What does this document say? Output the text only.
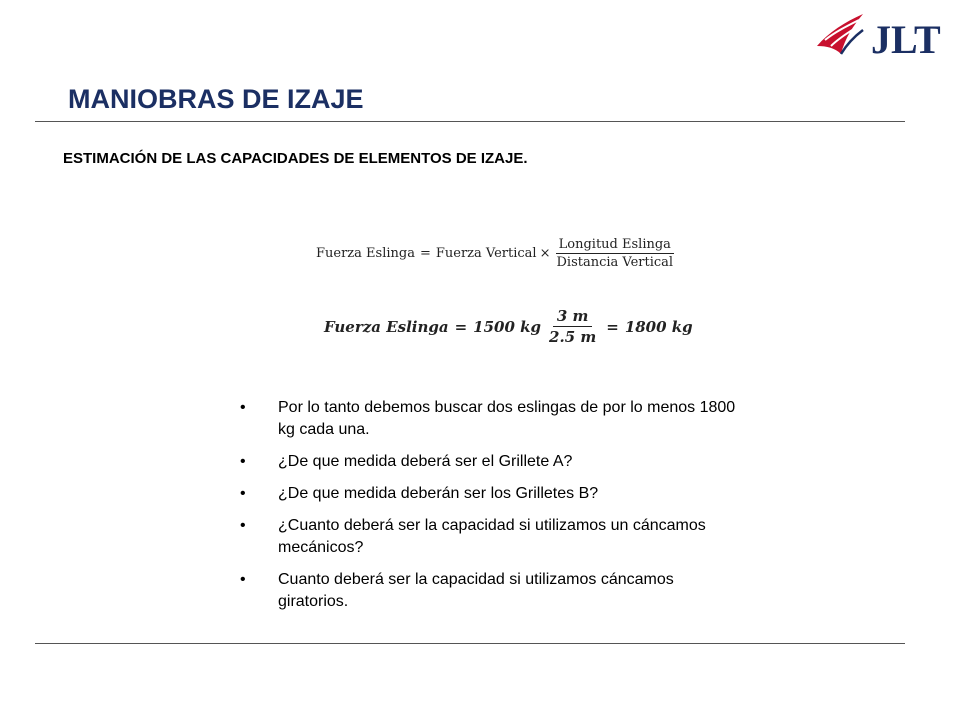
JLT
MANIOBRAS DE IZAJE
ESTIMACIÓN DE LAS CAPACIDADES DE ELEMENTOS DE IZAJE.
Fuerza Eslinga = Fuerza Vertical × $\frac{\text{Longitud Eslinga}}{\text{Distancia Vertical}}$
Fuerza Eslinga = 1500 kg $\frac{3 m}{2.5 m} = 1800$ kg
•	Por lo tanto debemos buscar dos eslingas de por lo menos 1800 kg cada una.
•	¿De que medida deberá ser el Grillete A?
•	¿De que medida deberán ser los Grilletes B?
•	¿Cuanto deberá ser la capacidad si utilizamos un cáncamos mecánicos?
•	Cuanto deberá ser la capacidad si utilizamos cáncamos giratorios.
